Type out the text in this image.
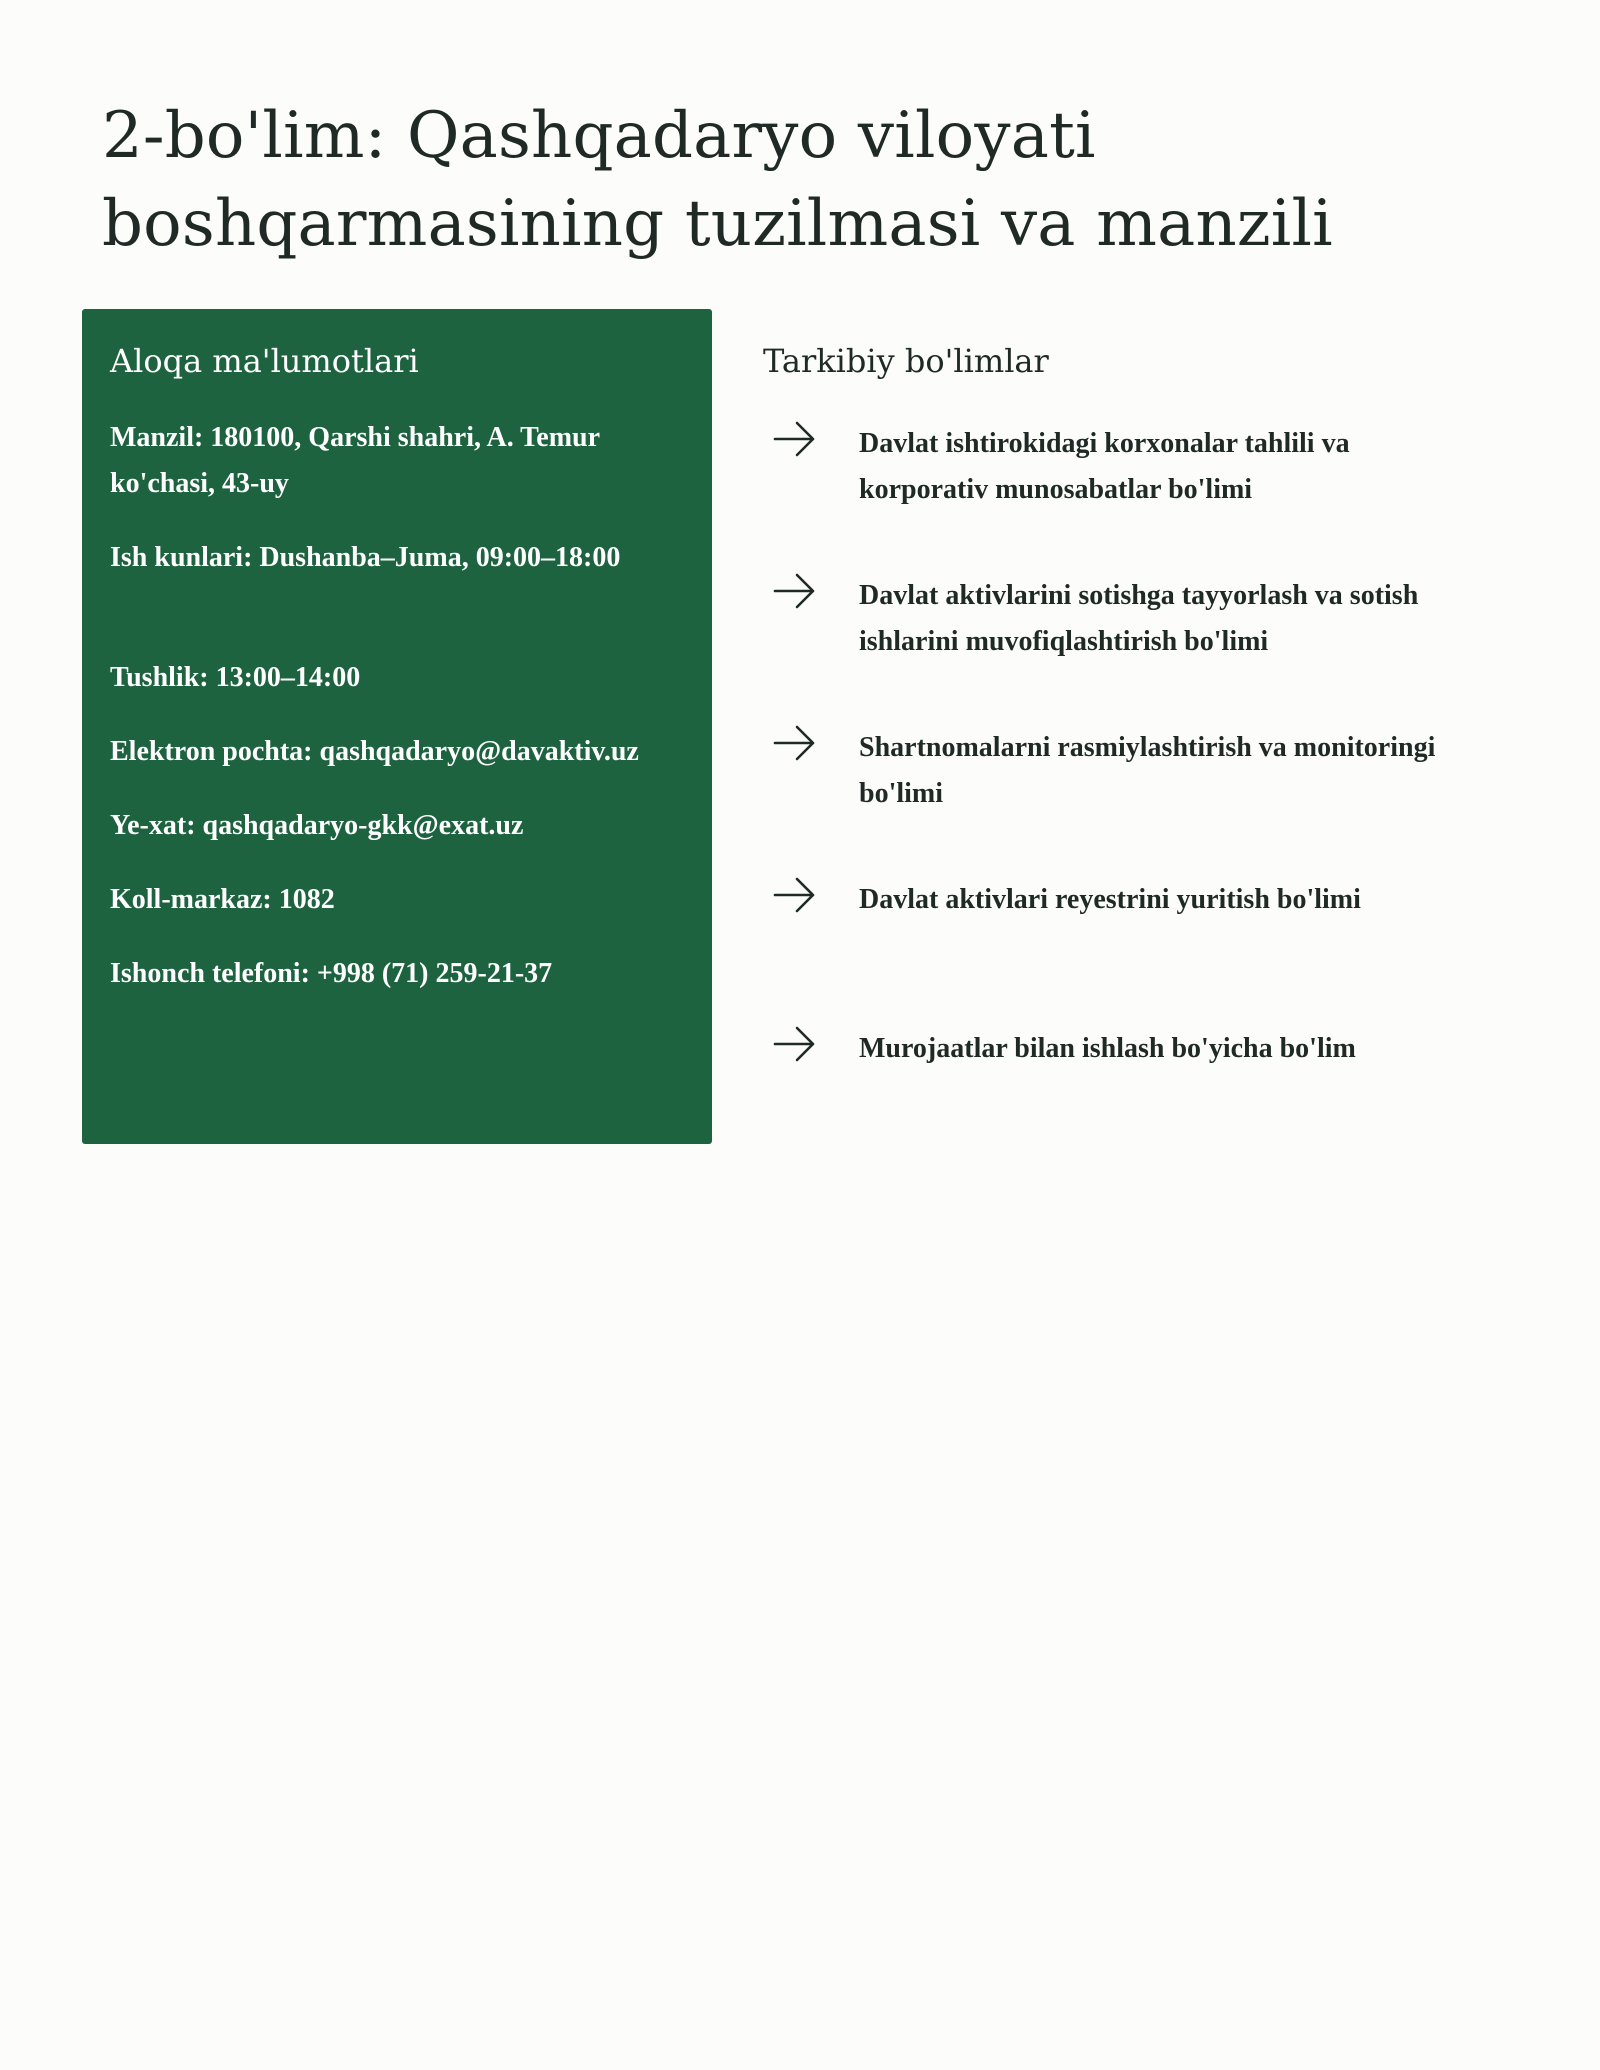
2-bo'lim: Qashqadaryo viloyati boshqarmasining tuzilmasi va manzili
Aloqa ma'lumotlari

Manzil: 180100, Qarshi shahri, A. Temur ko'chasi, 43-uy

Ish kunlari: Dushanba–Juma, 09:00–18:00

Tushlik: 13:00–14:00

Elektron pochta: qashqadaryo@davaktiv.uz

Ye-xat: qashqadaryo-gkk@exat.uz

Koll-markaz: 1082

Ishonch telefoni: +998 (71) 259-21-37

Tarkibiy bo'limlar
Davlat ishtirokidagi korxonalar tahlili va korporativ munosabatlar bo'limi
Davlat aktivlarini sotishga tayyorlash va sotish ishlarini muvofiqlashtirish bo'limi
Shartnomalarni rasmiylashtirish va monitoringi bo'limi
Davlat aktivlari reyestrini yuritish bo'limi
Murojaatlar bilan ishlash bo'yicha bo'lim
